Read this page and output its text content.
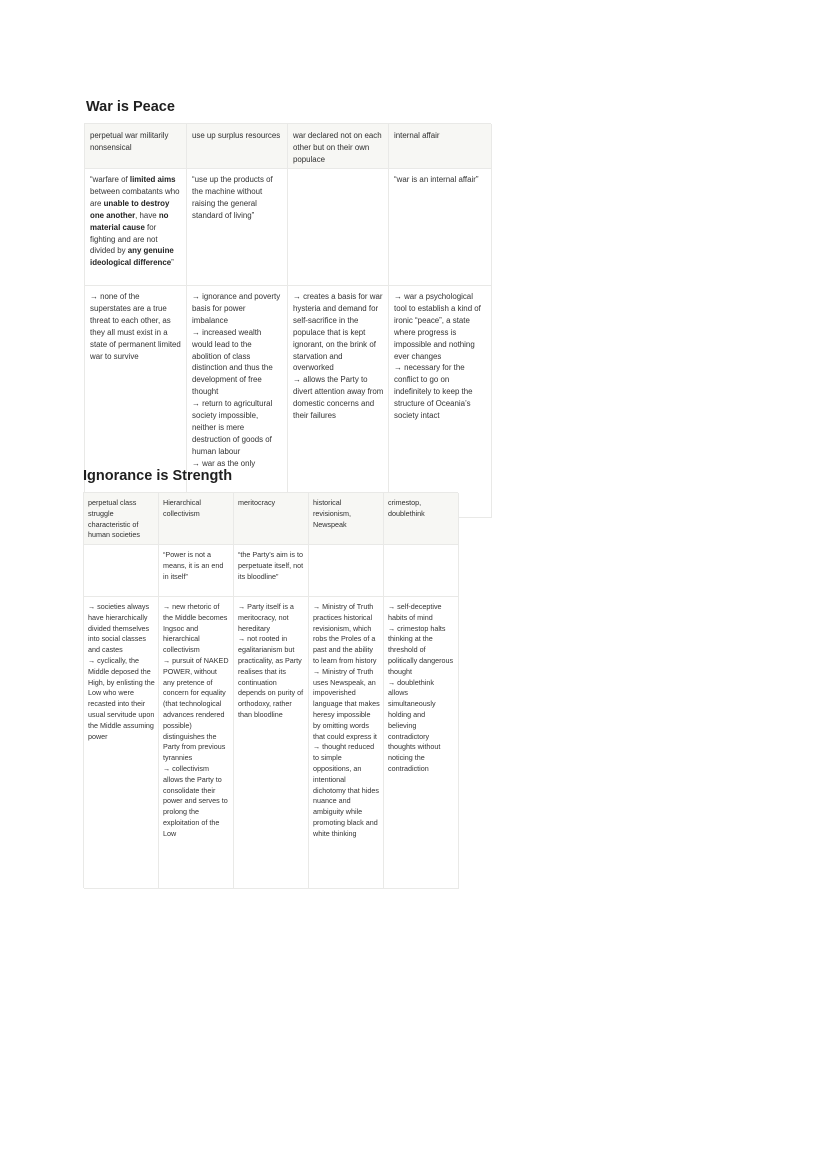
War is Peace
perpetual war militarily nonsensical
use up surplus resources	war declared not on each other but on their own populace
internal affair
“warfare of limited aims between combatants who are unable to destroy one another, have no material cause for fighting and are not divided by any genuine ideological difference”
“use up the products of the machine without raising the general standard of living”
“war is an internal affair”
→ none of the superstates are a true threat to each other, as they all must exist in a state of permanent limited war to survive
→ ignorance and poverty basis for power imbalance
→ increased wealth would lead to the abolition of class distinction and thus the development of free thought
→ return to agricultural society impossible, neither is mere destruction of goods of human labour
→ war as the only
→ creates a basis for war hysteria and demand for self-sacrifice in the populace that is kept ignorant, on the brink of starvation and overworked
→ allows the Party to divert attention away from domestic concerns and their failures
→ war a psychological tool to establish a kind of ironic “peace”, a state where progress is impossible and nothing ever changes
→ necessary for the conflict to go on indefinitely to keep the structure of Oceania’s society intact
Ignorance is Strength
perpetual class struggle characteristic of human societies
Hierarchical collectivism
meritocracy	historical revisionism, Newspeak
crimestop, doublethink
“Power is not a means, it is an end in itself”
“the Party’s aim is to perpetuate itself, not its bloodline”
→ societies always have hierarchically divided themselves into social classes and castes
→ cyclically, the Middle deposed the High, by enlisting the Low who were recasted into their usual servitude upon the Middle assuming power
→ new rhetoric of the Middle becomes Ingsoc and hierarchical collectivism
→ pursuit of NAKED POWER, without any pretence of concern for equality (that technological advances rendered possible) distinguishes the Party from previous tyrannies
→ collectivism allows the Party to consolidate their power and serves to prolong the exploitation of the Low
→ Party itself is a meritocracy, not hereditary
→ not rooted in egalitarianism but practicality, as Party realises that its continuation depends on purity of orthodoxy, rather than bloodline
→ Ministry of Truth practices historical revisionism, which robs the Proles of a past and the ability to learn from history
→ Ministry of Truth uses Newspeak, an impoverished language that makes heresy impossible by omitting words that could express it
→ thought reduced to simple oppositions, an intentional dichotomy that hides nuance and ambiguity while promoting black and white thinking
→ self-deceptive habits of mind
→ crimestop halts thinking at the threshold of politically dangerous thought
→ doublethink allows simultaneously holding and believing contradictory thoughts without noticing the contradiction
